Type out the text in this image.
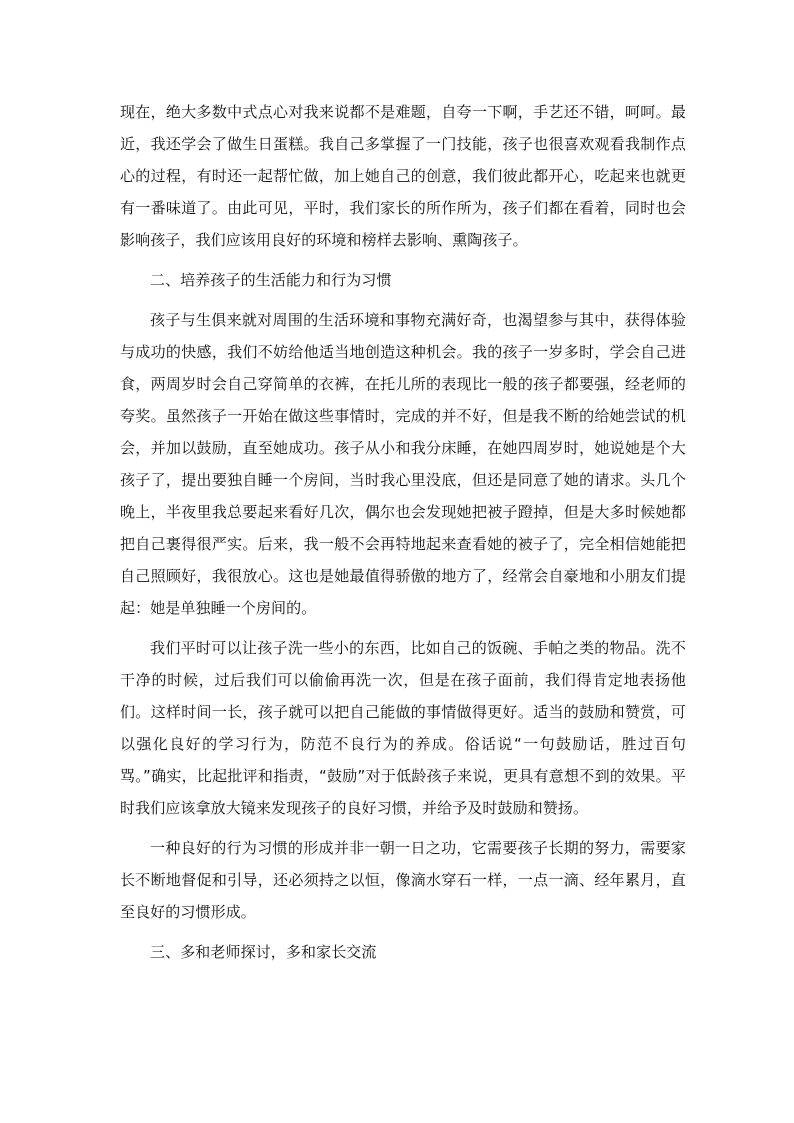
现在，绝大多数中式点心对我来说都不是难题，自夸一下啊，手艺还不错，呵呵。最近，我还学会了做生日蛋糕。我自己多掌握了一门技能，孩子也很喜欢观看我制作点心的过程，有时还一起帮忙做，加上她自己的创意，我们彼此都开心，吃起来也就更有一番味道了。由此可见，平时，我们家长的所作所为，孩子们都在看着，同时也会影响孩子，我们应该用良好的环境和榜样去影响、熏陶孩子。

二、培养孩子的生活能力和行为习惯

孩子与生俱来就对周围的生活环境和事物充满好奇，也渴望参与其中，获得体验与成功的快感，我们不妨给他适当地创造这种机会。我的孩子一岁多时，学会自己进食，两周岁时会自己穿简单的衣裤，在托儿所的表现比一般的孩子都要强，经老师的夸奖。虽然孩子一开始在做这些事情时，完成的并不好，但是我不断的给她尝试的机会，并加以鼓励，直至她成功。孩子从小和我分床睡，在她四周岁时，她说她是个大孩子了，提出要独自睡一个房间，当时我心里没底，但还是同意了她的请求。头几个晚上，半夜里我总要起来看好几次，偶尔也会发现她把被子蹬掉，但是大多时候她都把自己裹得很严实。后来，我一般不会再特地起来查看她的被子了，完全相信她能把自己照顾好，我很放心。这也是她最值得骄傲的地方了，经常会自豪地和小朋友们提起：她是单独睡一个房间的。

我们平时可以让孩子洗一些小的东西，比如自己的饭碗、手帕之类的物品。洗不干净的时候，过后我们可以偷偷再洗一次，但是在孩子面前，我们得肯定地表扬他们。这样时间一长，孩子就可以把自己能做的事情做得更好。适当的鼓励和赞赏，可以强化良好的学习行为，防范不良行为的养成。俗话说“一句鼓励话，胜过百句骂。”确实，比起批评和指责，“鼓励”对于低龄孩子来说，更具有意想不到的效果。平时我们应该拿放大镜来发现孩子的良好习惯，并给予及时鼓励和赞扬。

一种良好的行为习惯的形成并非一朝一日之功，它需要孩子长期的努力，需要家长不断地督促和引导，还必须持之以恒，像滴水穿石一样，一点一滴、经年累月，直至良好的习惯形成。

三、多和老师探讨，多和家长交流
